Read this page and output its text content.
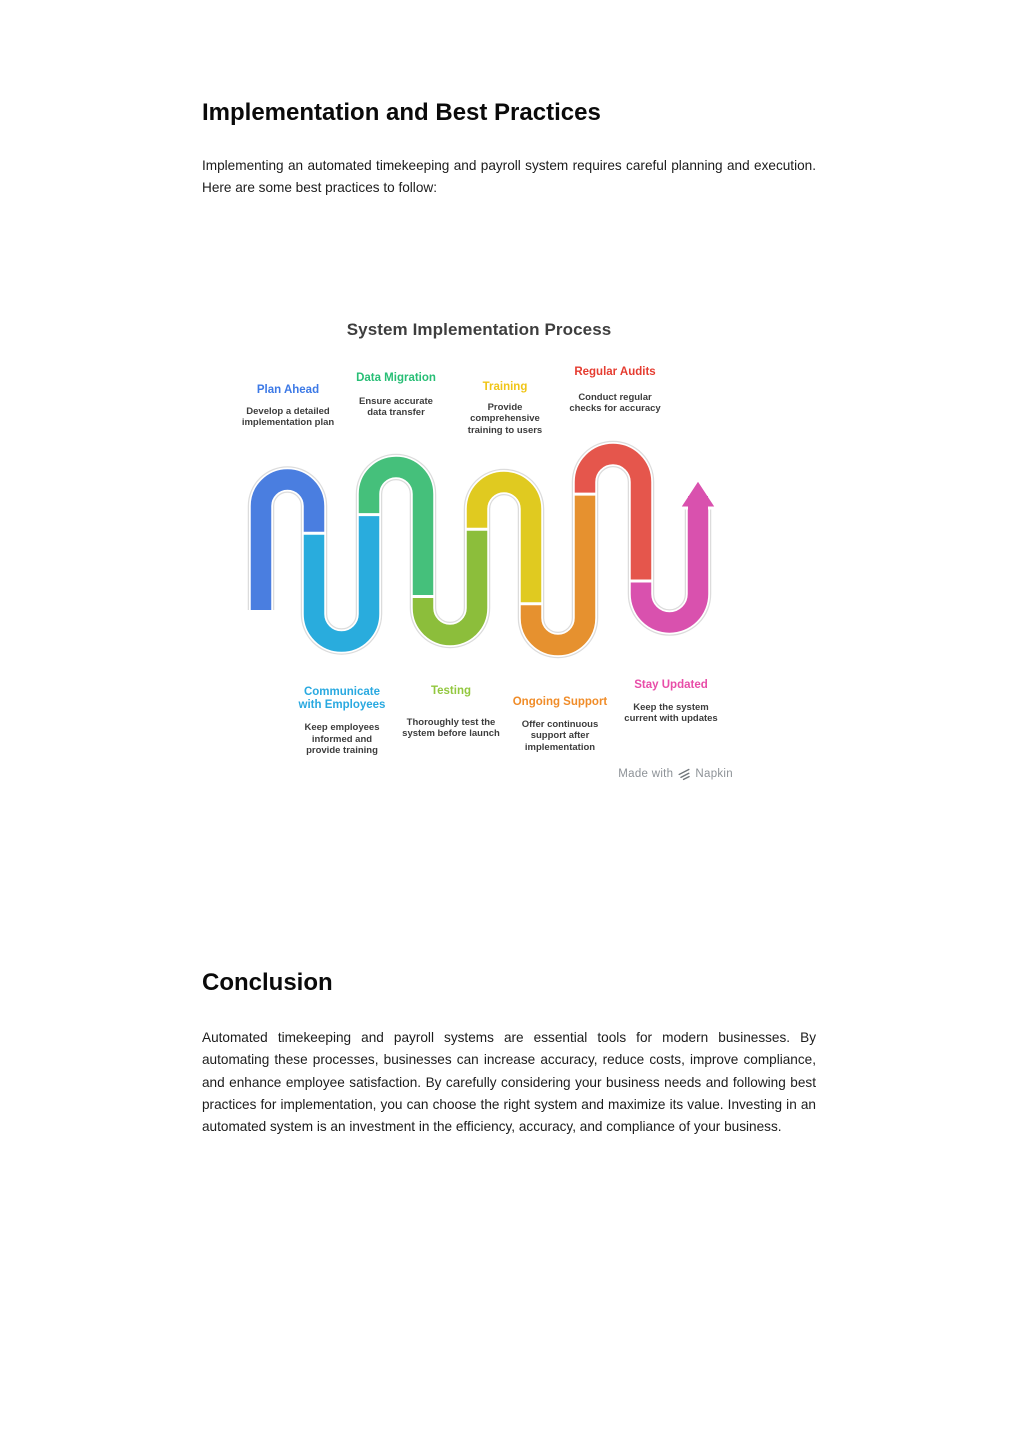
Implementation and Best Practices

Implementing an automated timekeeping and payroll system requires careful planning and execution. Here are some best practices to follow:

System Implementation Process
Plan Ahead
Develop a detailed implementation plan
Communicate with Employees
Keep employees informed and provide training
Data Migration
Ensure accurate data transfer
Testing
Thoroughly test the system before launch
Training
Provide comprehensive training to users
Ongoing Support
Offer continuous support after implementation
Regular Audits
Conduct regular checks for accuracy
Stay Updated
Keep the system current with updates
Made with Napkin
Conclusion

Automated timekeeping and payroll systems are essential tools for modern businesses. By automating these processes, businesses can increase accuracy, reduce costs, improve compliance, and enhance employee satisfaction. By carefully considering your business needs and following best practices for implementation, you can choose the right system and maximize its value. Investing in an automated system is an investment in the efficiency, accuracy, and compliance of your business.
